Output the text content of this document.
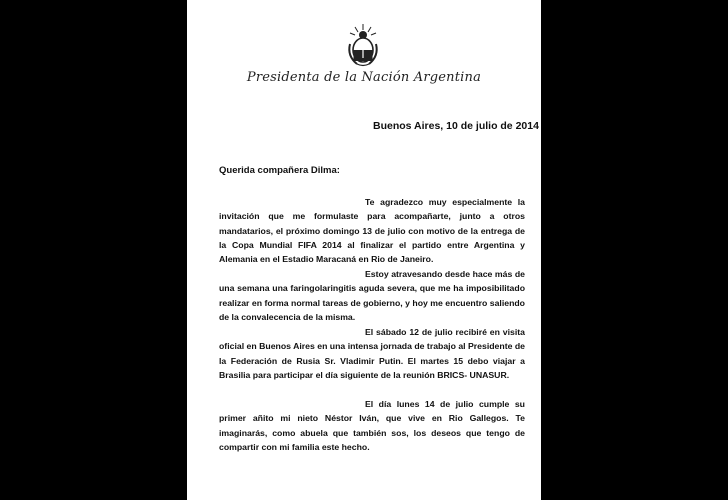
Presidenta de la Nación Argentina
Buenos Aires, 10 de julio de 2014
Querida compañera Dilma:

Te agradezco muy especialmente la invitación que me formulaste para acompañarte, junto a otros mandatarios, el próximo domingo 13 de julio con motivo de la entrega de la Copa Mundial FIFA 2014 al finalizar el partido entre Argentina y Alemania en el Estadio Maracaná en Rio de Janeiro.

Estoy atravesando desde hace más de una semana una faringolaringitis aguda severa, que me ha imposibilitado realizar en forma normal tareas de gobierno, y hoy me encuentro saliendo de la convalecencia de la misma.

El sábado 12 de julio recibiré en visita oficial en Buenos Aires en una intensa jornada de trabajo al Presidente de la Federación de Rusia Sr. Vladimir Putin. El martes 15 debo viajar a Brasilia para participar el día siguiente de la reunión BRICS- UNASUR.

El día lunes 14 de julio cumple su primer añito mi nieto Néstor Iván, que vive en Rio Gallegos. Te imaginarás, como abuela que también sos, los deseos que tengo de compartir con mi familia este hecho.
